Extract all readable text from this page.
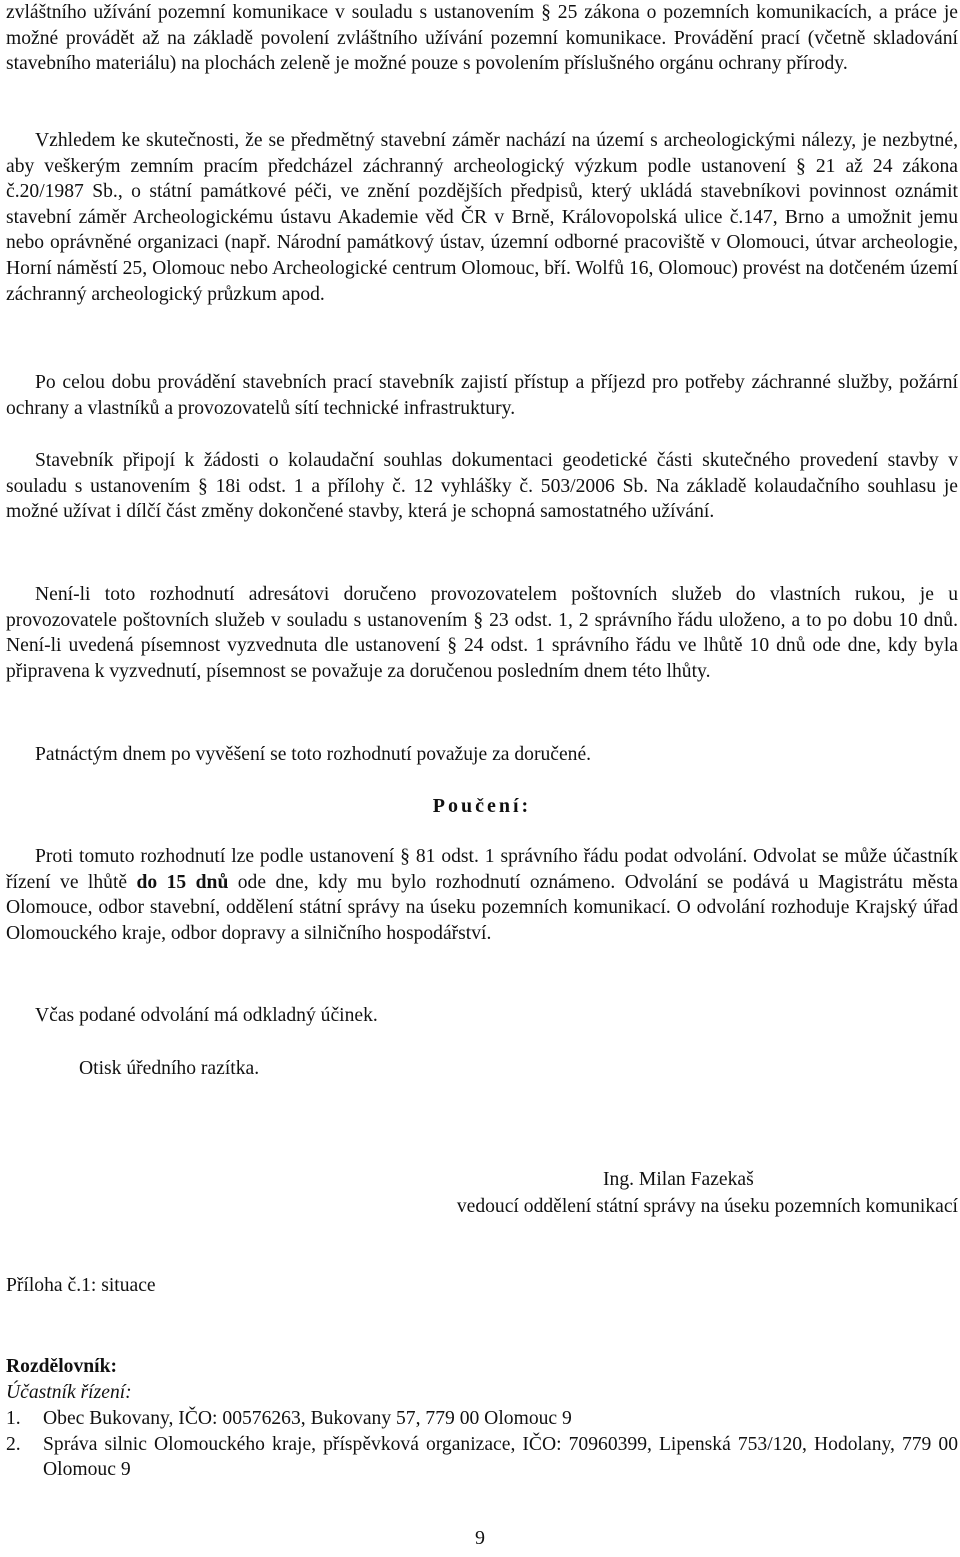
zvláštního užívání pozemní komunikace v souladu s ustanovením § 25 zákona o pozemních komunikacích, a práce je možné provádět až na základě povolení zvláštního užívání pozemní komunikace. Provádění prací (včetně skladování stavebního materiálu) na plochách zeleně je možné pouze s povolením příslušného orgánu ochrany přírody.

Vzhledem ke skutečnosti, že se předmětný stavební záměr nachází na území s archeologickými nálezy, je nezbytné, aby veškerým zemním pracím předcházel záchranný archeologický výzkum podle ustanovení § 21 až 24 zákona č.20/1987 Sb., o státní památkové péči, ve znění pozdějších předpisů, který ukládá stavebníkovi povinnost oznámit stavební záměr Archeologickému ústavu Akademie věd ČR v Brně, Královopolská ulice č.147, Brno a umožnit jemu nebo oprávněné organizaci (např. Národní památkový ústav, územní odborné pracoviště v Olomouci, útvar archeologie, Horní náměstí 25, Olomouc nebo Archeologické centrum Olomouc, bří. Wolfů 16, Olomouc) provést na dotčeném území záchranný archeologický průzkum apod.

Po celou dobu provádění stavebních prací stavebník zajistí přístup a příjezd pro potřeby záchranné služby, požární ochrany a vlastníků a provozovatelů sítí technické infrastruktury.

Stavebník připojí k žádosti o kolaudační souhlas dokumentaci geodetické části skutečného provedení stavby v souladu s ustanovením § 18i odst. 1 a přílohy č. 12 vyhlášky č. 503/2006 Sb. Na základě kolaudačního souhlasu je možné užívat i dílčí část změny dokončené stavby, která je schopná samostatného užívání.

Není-li toto rozhodnutí adresátovi doručeno provozovatelem poštovních služeb do vlastních rukou, je u provozovatele poštovních služeb v souladu s ustanovením § 23 odst. 1, 2 správního řádu uloženo, a to po dobu 10 dnů. Není-li uvedená písemnost vyzvednuta dle ustanovení § 24 odst. 1 správního řádu ve lhůtě 10 dnů ode dne, kdy byla připravena k vyzvednutí, písemnost se považuje za doručenou posledním dnem této lhůty.

Patnáctým dnem po vyvěšení se toto rozhodnutí považuje za doručené.

Poučení:

Proti tomuto rozhodnutí lze podle ustanovení § 81 odst. 1 správního řádu podat odvolání. Odvolat se může účastník řízení ve lhůtě do 15 dnů ode dne, kdy mu bylo rozhodnutí oznámeno. Odvolání se podává u Magistrátu města Olomouce, odbor stavební, oddělení státní správy na úseku pozemních komunikací. O odvolání rozhoduje Krajský úřad Olomouckého kraje, odbor dopravy a silničního hospodářství.

Včas podané odvolání má odkladný účinek.
Otisk úředního razítka.
Ing. Milan Fazekaš
vedoucí oddělení státní správy na úseku pozemních komunikací
Příloha č.1: situace
Rozdělovník:
Účastník řízení:
1.	Obec Bukovany, IČO: 00576263, Bukovany 57, 779 00 Olomouc 9
2.	Správa silnic Olomouckého kraje, příspěvková organizace, IČO: 70960399, Lipenská 753/120, Hodolany, 779 00 Olomouc 9
9
